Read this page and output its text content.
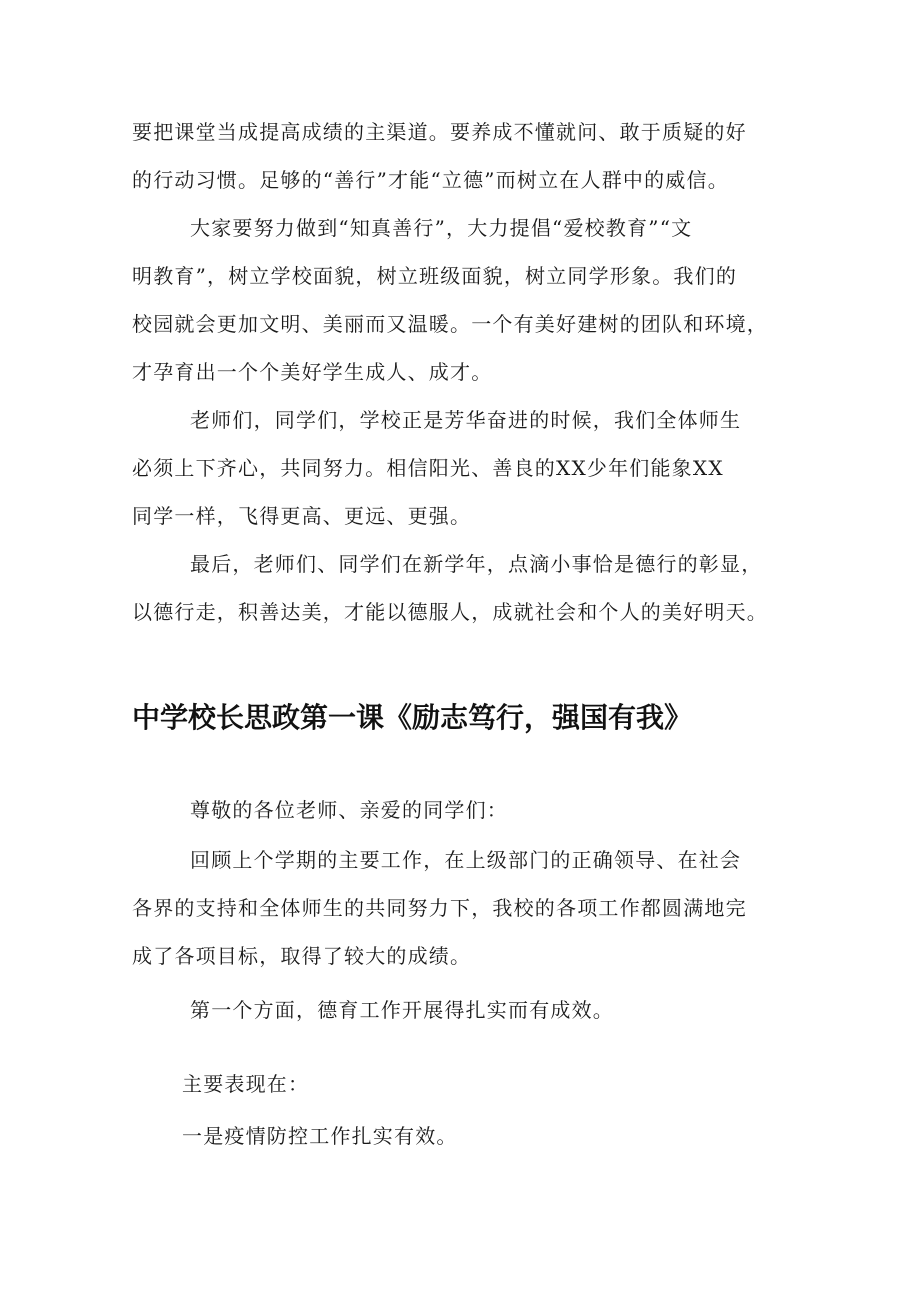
要把课堂当成提高成绩的主渠道。要养成不懂就问、敢于质疑的好
的行动习惯。足够的“善行”才能“立德”而树立在人群中的威信。
大家要努力做到“知真善行”，大力提倡“爱校教育”“文
明教育”，树立学校面貌，树立班级面貌，树立同学形象。我们的
校园就会更加文明、美丽而又温暖。一个有美好建树的团队和环境，
才孕育出一个个美好学生成人、成才。
老师们，同学们，学校正是芳华奋进的时候，我们全体师生
必须上下齐心，共同努力。相信阳光、善良的XX少年们能象XX
同学一样，飞得更高、更远、更强。
最后，老师们、同学们在新学年，点滴小事恰是德行的彰显，
以德行走，积善达美，才能以德服人，成就社会和个人的美好明天。
中学校长思政第一课《励志笃行，强国有我》
尊敬的各位老师、亲爱的同学们：
回顾上个学期的主要工作，在上级部门的正确领导、在社会
各界的支持和全体师生的共同努力下，我校的各项工作都圆满地完
成了各项目标，取得了较大的成绩。
第一个方面，德育工作开展得扎实而有成效。
主要表现在：
一是疫情防控工作扎实有效。
